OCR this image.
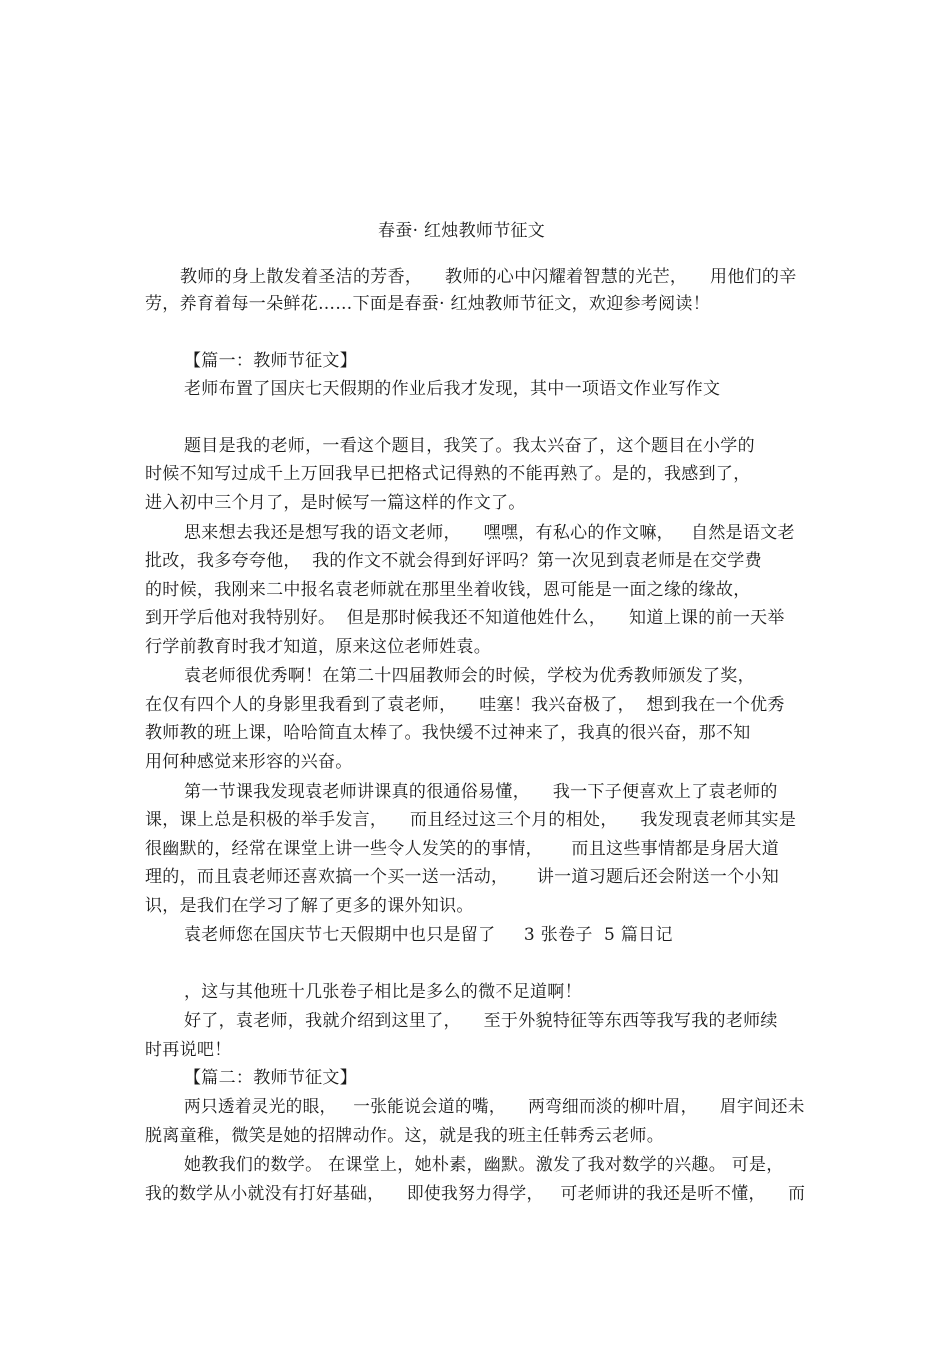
春蚕· 红烛教师节征文
教师的身上散发着圣洁的芳香，    教师的心中闪耀着智慧的光芒，    用他们的辛
劳，养育着每一朵鲜花……下面是春蚕· 红烛教师节征文，欢迎参考阅读！
【篇一：教师节征文】
老师布置了国庆七天假期的作业后我才发现，其中一项语文作业写作文
题目是我的老师，一看这个题目，我笑了。我太兴奋了，这个题目在小学的
时候不知写过成千上万回我早已把格式记得熟的不能再熟了。是的，我感到了，
进入初中三个月了，是时候写一篇这样的作文了。
思来想去我还是想写我的语文老师，    嘿嘿，有私心的作文嘛，   自然是语文老
批改，我多夸夸他，  我的作文不就会得到好评吗？第一次见到袁老师是在交学费
的时候，我刚来二中报名袁老师就在那里坐着收钱，恩可能是一面之缘的缘故，
到开学后他对我特别好。  但是那时候我还不知道他姓什么，    知道上课的前一天举
行学前教育时我才知道，原来这位老师姓袁。
袁老师很优秀啊！在第二十四届教师会的时候，学校为优秀教师颁发了奖，
在仅有四个人的身影里我看到了袁老师，    哇塞！我兴奋极了，  想到我在一个优秀
教师教的班上课，哈哈简直太棒了。我快缓不过神来了，我真的很兴奋，那不知
用何种感觉来形容的兴奋。
第一节课我发现袁老师讲课真的很通俗易懂，    我一下子便喜欢上了袁老师的
课，课上总是积极的举手发言，    而且经过这三个月的相处，    我发现袁老师其实是
很幽默的，经常在课堂上讲一些令人发笑的的事情，     而且这些事情都是身居大道
理的，而且袁老师还喜欢搞一个买一送一活动，     讲一道习题后还会附送一个小知
识，是我们在学习了解了更多的课外知识。
袁老师您在国庆节七天假期中也只是留了     3 张卷子  5 篇日记
，这与其他班十几张卷子相比是多么的微不足道啊！
好了，袁老师，我就介绍到这里了，    至于外貌特征等东西等我写我的老师续
时再说吧！
【篇二：教师节征文】
两只透着灵光的眼，   一张能说会道的嘴，    两弯细而淡的柳叶眉，    眉宇间还未
脱离童稚，微笑是她的招牌动作。这，就是我的班主任韩秀云老师。
她教我们的数学。 在课堂上，她朴素，幽默。激发了我对数学的兴趣。 可是，
我的数学从小就没有打好基础，    即使我努力得学，   可老师讲的我还是听不懂，    而
